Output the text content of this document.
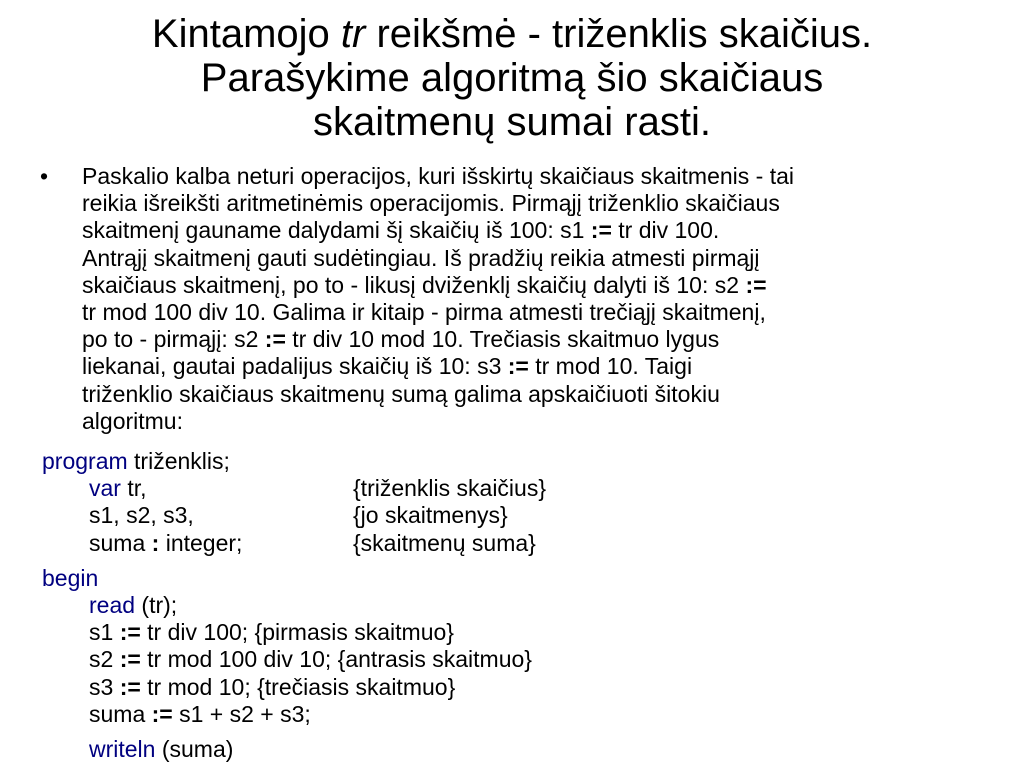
Kintamojo tr reikšmė - triženklis skaičius.
Parašykime algoritmą šio skaičiaus
skaitmenų sumai rasti.
•	Paskalio kalba neturi operacijos, kuri išskirtų skaičiaus skaitmenis - tai
reikia išreikšti aritmetinėmis operacijomis. Pirmąjį triženklio skaičiaus
skaitmenį gauname dalydami šį skaičių iš 100: s1 := tr div 100.
Antrąjį skaitmenį gauti sudėtingiau. Iš pradžių reikia atmesti pirmąjį
skaičiaus skaitmenį, po to - likusį dviženklį skaičių dalyti iš 10: s2 :=
tr mod 100 div 10. Galima ir kitaip - pirma atmesti trečiąjį skaitmenį,
po to - pirmąjį: s2 := tr div 10 mod 10. Trečiasis skaitmuo lygus
liekanai, gautai padalijus skaičių iš 10: s3 := tr mod 10. Taigi
triženklio skaičiaus skaitmenų sumą galima apskaičiuoti šitokiu
algoritmu:
program triženklis;
var tr,	{triženklis skaičius}
s1, s2, s3,	{jo skaitmenys}
suma : integer;	{skaitmenų suma}
begin
read (tr);
s1 := tr div 100; {pirmasis skaitmuo}
s2 := tr mod 100 div 10; {antrasis skaitmuo}
s3 := tr mod 10; {trečiasis skaitmuo}
suma := s1 + s2 + s3;
writeln (suma)
